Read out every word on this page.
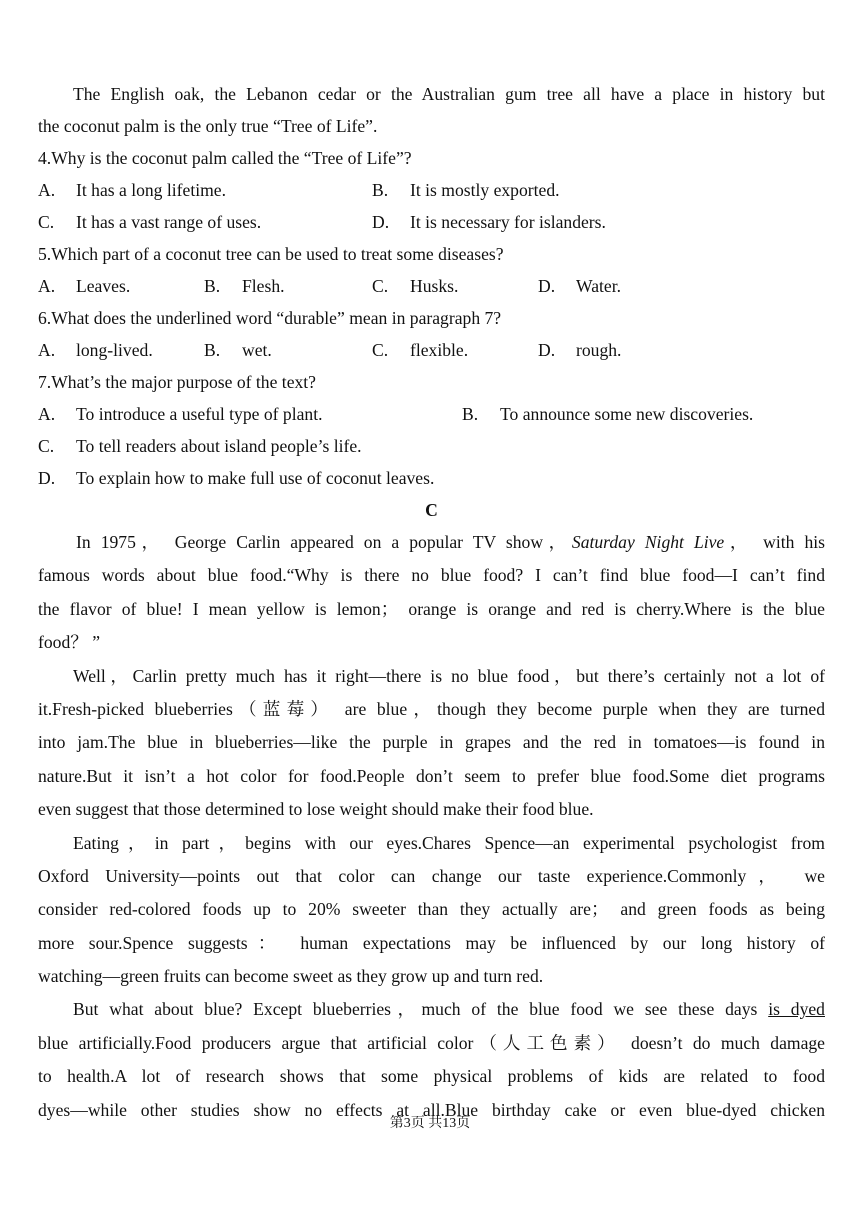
The English oak, the Lebanon cedar or the Australian gum tree all have a place in history but
the coconut palm is the only true “Tree of Life”.
4.Why is the coconut palm called the “Tree of Life”?
A. It has a long lifetime.	B. It is mostly exported.
C. It has a vast range of uses.	D. It is necessary for islanders.
5.Which part of a coconut tree can be used to treat some diseases?
A. Leaves.	B. Flesh.	C. Husks.	D. Water.
6.What does the underlined word “durable” mean in paragraph 7?
A. long-lived.	B. wet.	C. flexible.	D. rough.
7.What’s the major purpose of the text?
A. To introduce a useful type of plant.	B. To announce some new discoveries.
C. To tell readers about island people’s life.
D. To explain how to make full use of coconut leaves.
C
In 1975， George Carlin appeared on a popular TV show，Saturday Night Live， with his
famous words about blue food.“Why is there no blue food? I can’t find blue food—I can’t find
the flavor of blue! I mean yellow is lemon； orange is orange and red is cherry.Where is the blue
food？ ”
Well，Carlin pretty much has it right—there is no blue food，but there’s certainly not a lot of
it.Fresh-picked blueberries（蓝莓） are blue，though they become purple when they are turned
into jam.The blue in blueberries—like the purple in grapes and the red in tomatoes—is found in
nature.But it isn’t a hot color for food.People don’t seem to prefer blue food.Some diet programs
even suggest that those determined to lose weight should make their food blue.
Eating，in part，begins with our eyes.Chares Spence—an experimental psychologist from
Oxford University—points out that color can change our taste experience.Commonly， we
consider red-colored foods up to 20% sweeter than they actually are； and green foods as being
more sour.Spence suggests： human expectations may be influenced by our long history of
watching—green fruits can become sweet as they grow up and turn red.
But what about blue? Except blueberries，much of the blue food we see these days is dyed
blue artificially.Food producers argue that artificial color（人工色素） doesn’t do much damage
to health.A lot of research shows that some physical problems of kids are related to food
dyes—while other studies show no effects at all.Blue birthday cake or even blue-dyed chicken
第3页 共13页
